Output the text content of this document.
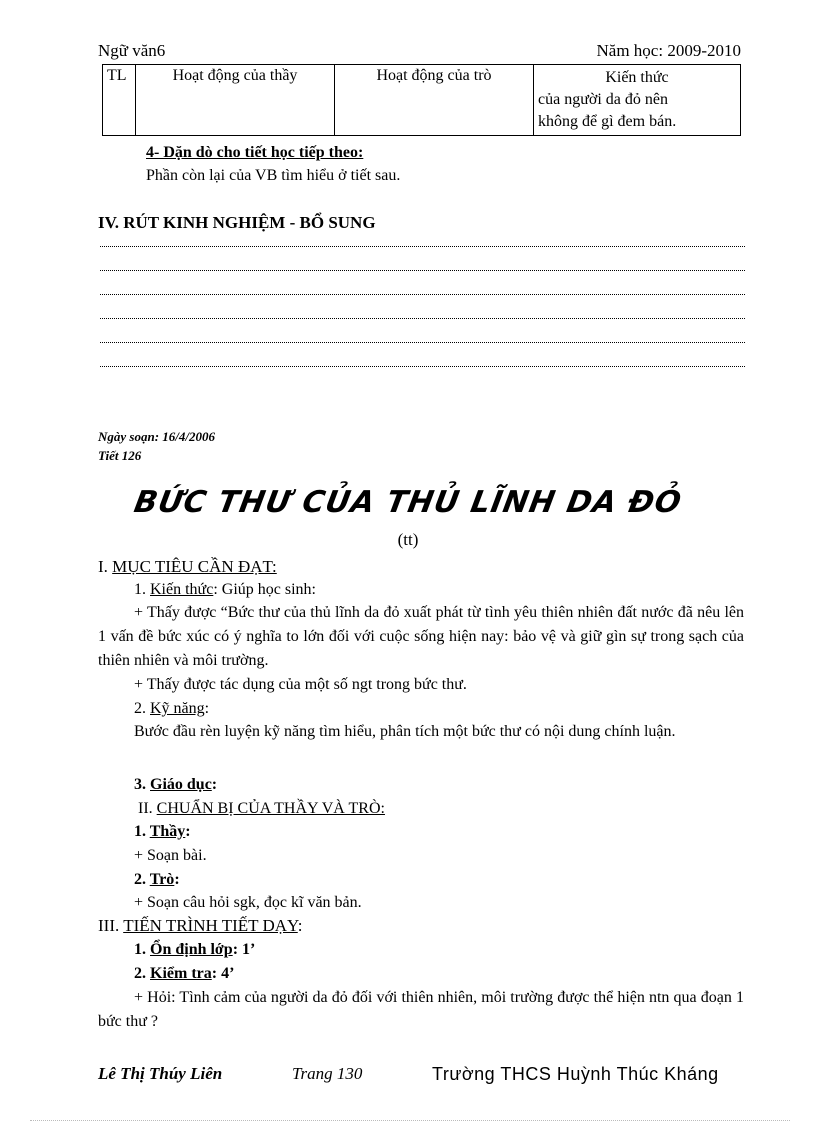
Ngữ văn6	Năm học: 2009-2010
TL	Hoạt động của thầy	Hoạt động của trò	Kiến thức
của người da đỏ nên
không để gì đem bán.
4- Dặn dò cho tiết học tiếp theo:
Phần còn lại của VB tìm hiểu ở tiết sau.
IV. RÚT KINH NGHIỆM - BỔ SUNG
Ngày soạn: 16/4/2006
Tiết 126
BỨC THƯ CỦA THỦ LĨNH DA ĐỎ
(tt)
I. MỤC TIÊU CẦN ĐẠT:
1. Kiến thức: Giúp học sinh:
+ Thấy được “Bức thư của thủ lĩnh da đỏ xuất phát từ tình yêu thiên nhiên đất nước đã nêu lên 1 vấn đề bức xúc có ý nghĩa to lớn đối với cuộc sống hiện nay: bảo vệ và giữ gìn sự trong sạch của thiên nhiên và môi trường.
+ Thấy được tác dụng của một số ngt trong bức thư.
2. Kỹ năng:
Bước đầu rèn luyện kỹ năng tìm hiểu, phân tích một bức thư có nội dung chính luận.
3. Giáo dục:
II. CHUẨN BỊ CỦA THẦY VÀ TRÒ:
1. Thầy:
+ Soạn bài.
2. Trò:
+ Soạn câu hỏi sgk, đọc kĩ văn bản.
III. TIẾN TRÌNH TIẾT DẠY:
1. Ổn định lớp: 1’
2. Kiểm tra: 4’
+ Hỏi: Tình cảm của người da đỏ đối với thiên nhiên, môi trường được thể hiện ntn qua đoạn 1 bức thư ?
Lê Thị Thúy Liên	Trang 130	Trường THCS Huỳnh Thúc Kháng
